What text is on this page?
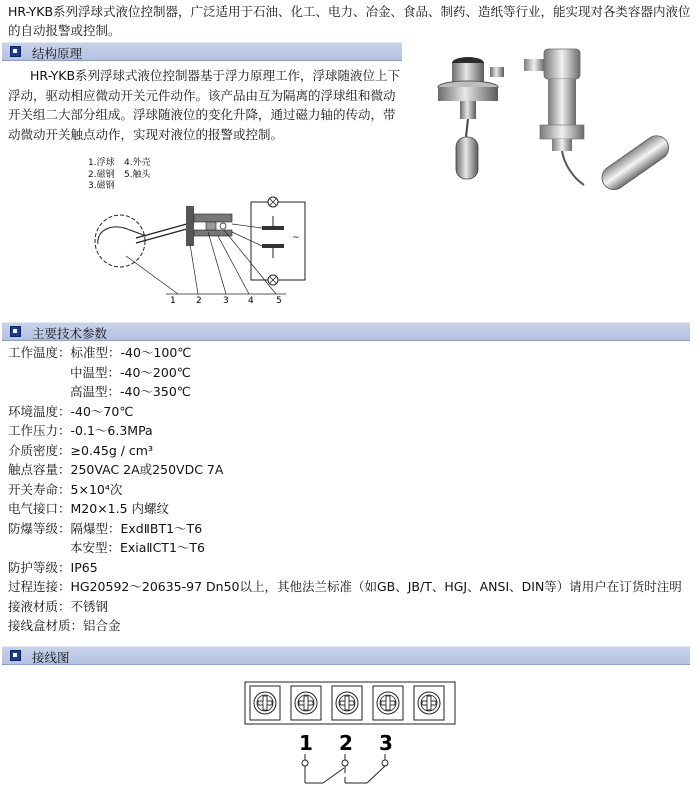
HR-YKB系列浮球式液位控制器，广泛适用于石油、化工、电力、冶金、食品、制药、造纸等行业，能实现对各类容器内液位的自动报警或控制。
结构原理
HR-YKB系列浮球式液位控制器基于浮力原理工作，浮球随液位上下浮动，驱动相应微动开关元件动作。该产品由互为隔离的浮球组和微动开关组二大部分组成。浮球随液位的变化升降，通过磁力轴的传动，带动微动开关触点动作，实现对液位的报警或控制。
1.浮球 4.外壳
2.磁钢 5.触头
3.磁钢
~
1 2 3 4 5
主要技术参数
工作温度：标准型：-40～100℃
中温型：-40～200℃
高温型：-40～350℃
环境温度：-40～70℃
工作压力：-0.1～6.3MPa
介质密度：≥0.45g / cm³
触点容量：250VAC 2A或250VDC 7A
开关寿命：5×10⁴次
电气接口：M20×1.5 内螺纹
防爆等级：隔爆型：ExdⅡBT1～T6
本安型：ExiaⅡCT1～T6
防护等级：IP65
过程连接：HG20592～20635-97 Dn50以上，其他法兰标准（如GB、JB/T、HGJ、ANSI、DIN等）请用户在订货时注明
接液材质：不锈钢
接线盒材质：铝合金
接线图
1 2 3
